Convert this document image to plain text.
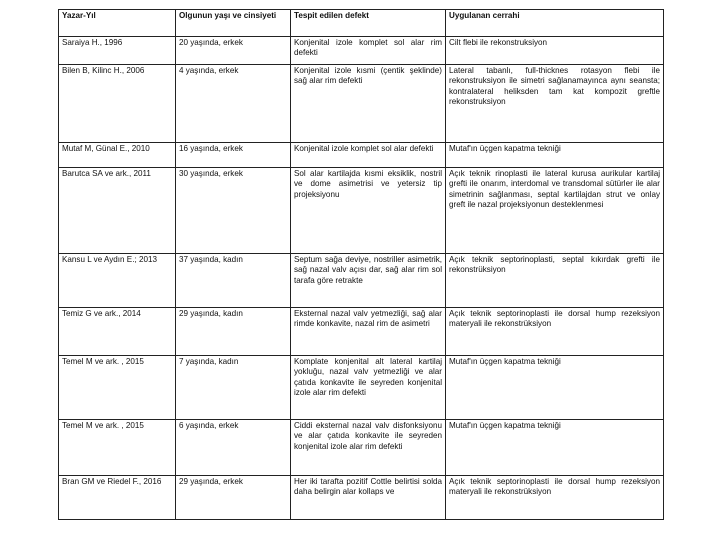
Yazar-Yıl	Olgunun yaşı ve cinsiyeti	Tespit edilen defekt	Uygulanan cerrahi
Saraiya H., 1996	20 yaşında, erkek	Konjenital izole komplet sol alar rim defekti	Cilt flebi ile rekonstruksiyon
Bilen B, Kilinc H., 2006	4 yaşında, erkek	Konjenital izole kısmi (çentik şeklinde) sağ alar rim defekti	Lateral tabanlı, full-thicknes rotasyon flebi ile rekonstruksiyon ile simetri sağlanamayınca aynı seansta; kontralateral heliksden tam kat kompozit greftle rekonstruksiyon
Mutaf M, Günal E., 2010	16 yaşında, erkek	Konjenital izole komplet sol alar defekti	Mutaf'ın üçgen kapatma tekniği
Barutca SA ve ark., 2011	30 yaşında, erkek	Sol alar kartilajda kısmi eksiklik, nostril ve dome asimetrisi ve yetersiz tip projeksiyonu	Açık teknik rinoplasti ile lateral kurusa aurikular kartilaj grefti ile onarım, interdomal ve transdomal sütürler ile alar simetrinin sağlanması, septal kartilajdan strut ve onlay greft ile nazal projeksiyonun desteklenmesi
Kansu L ve Aydın E.; 2013	37 yaşında, kadın	Septum sağa deviye, nostriller asimetrik, sağ nazal valv açısı dar, sağ alar rim sol tarafa göre retrakte	Açık teknik septorinoplasti, septal kıkırdak grefti ile rekonstrüksiyon
Temiz G ve ark., 2014	29 yaşında, kadın	Eksternal nazal valv yetmezliği, sağ alar rimde konkavite, nazal rim de asimetri	Açık teknik septorinoplasti ile dorsal hump rezeksiyon materyali ile rekonstrüksiyon
Temel M ve ark. , 2015	7 yaşında, kadın	Komplate konjenital alt lateral kartilaj yokluğu, nazal valv yetmezliği ve alar çatıda konkavite ile seyreden konjenital izole alar rim defekti	Mutaf'ın üçgen kapatma tekniği
Temel M ve ark. , 2015	6 yaşında, erkek	Ciddi eksternal nazal valv disfonksiyonu ve alar çatıda konkavite ile seyreden konjenital izole alar rim defekti	Mutaf'ın üçgen kapatma tekniği
Bran GM ve Riedel F., 2016	29 yaşında, erkek	Her iki tarafta pozitif Cottle belirtisi solda daha belirgin alar kollaps ve	Açık teknik septorinoplasti ile dorsal hump rezeksiyon materyali ile rekonstrüksiyon
